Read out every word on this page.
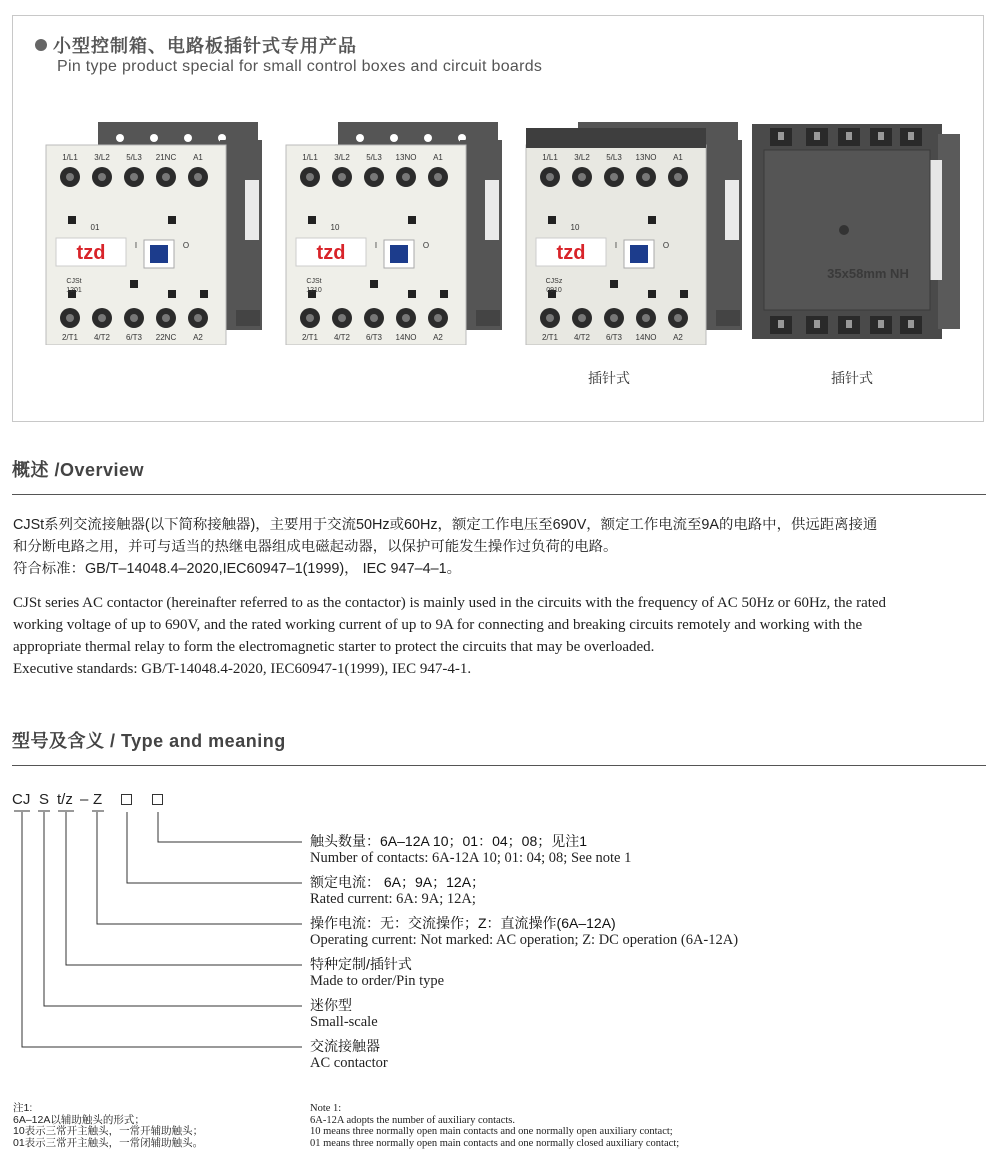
小型控制箱、电路板插针式专用产品
Pin type product special for small control boxes and circuit boards
1/L1 3/L2 5/L3 21NC A1
01
tzd	O
I
CJSt
1201
2/T1 4/T2 6/T3 22NC A2
1/L1 3/L2 5/L3 13NO A1
10
tzd	O
I
CJSt
1210
2/T1 4/T2 6/T3 14NO A2
1/L1 3/L2 5/L3 13NO A1
10
tzd	O
I
CJSz
0910
2/T1 4/T2 6/T3 14NO A2
35x58mm NH
插针式	插针式
概述 /Overview
CJSt系列交流接触器(以下简称接触器)，主要用于交流50Hz或60Hz，额定工作电压至690V，额定工作电流至9A的电路中，供远距离接通
和分断电路之用，并可与适当的热继电器组成电磁起动器，以保护可能发生操作过负荷的电路。
符合标准：GB/T–14048.4–2020,IEC60947–1(1999)， IEC 947–4–1。
CJSt series AC contactor (hereinafter referred to as the contactor) is mainly used in the circuits with the frequency of AC 50Hz or 60Hz, the rated
working voltage of up to 690V, and the rated working current of up to 9A for connecting and breaking circuits remotely and working with the
appropriate thermal relay to form the electromagnetic starter to protect the circuits that may be overloaded.
Executive standards: GB/T-14048.4-2020, IEC60947-1(1999), IEC 947-4-1.
型号及含义 / Type and meaning
CJ S t/z – Z
触头数量：6A–12A 10；01：04；08；见注1
Number of contacts: 6A-12A 10; 01: 04; 08; See note 1
额定电流： 6A；9A；12A；
Rated current: 6A: 9A; 12A;
操作电流：无：交流操作；Z：直流操作(6A–12A)
Operating current: Not marked: AC operation; Z: DC operation (6A-12A)
特种定制/插针式
Made to order/Pin type
迷你型
Small-scale
交流接触器
AC contactor
注1:
6A–12A以辅助触头的形式；
10表示三常开主触头，一常开辅助触头；
01表示三常开主触头，一常闭辅助触头。
Note 1:
6A-12A adopts the number of auxiliary contacts.
10 means three normally open main contacts and one normally open auxiliary contact;
01 means three normally open main contacts and one normally closed auxiliary contact;
